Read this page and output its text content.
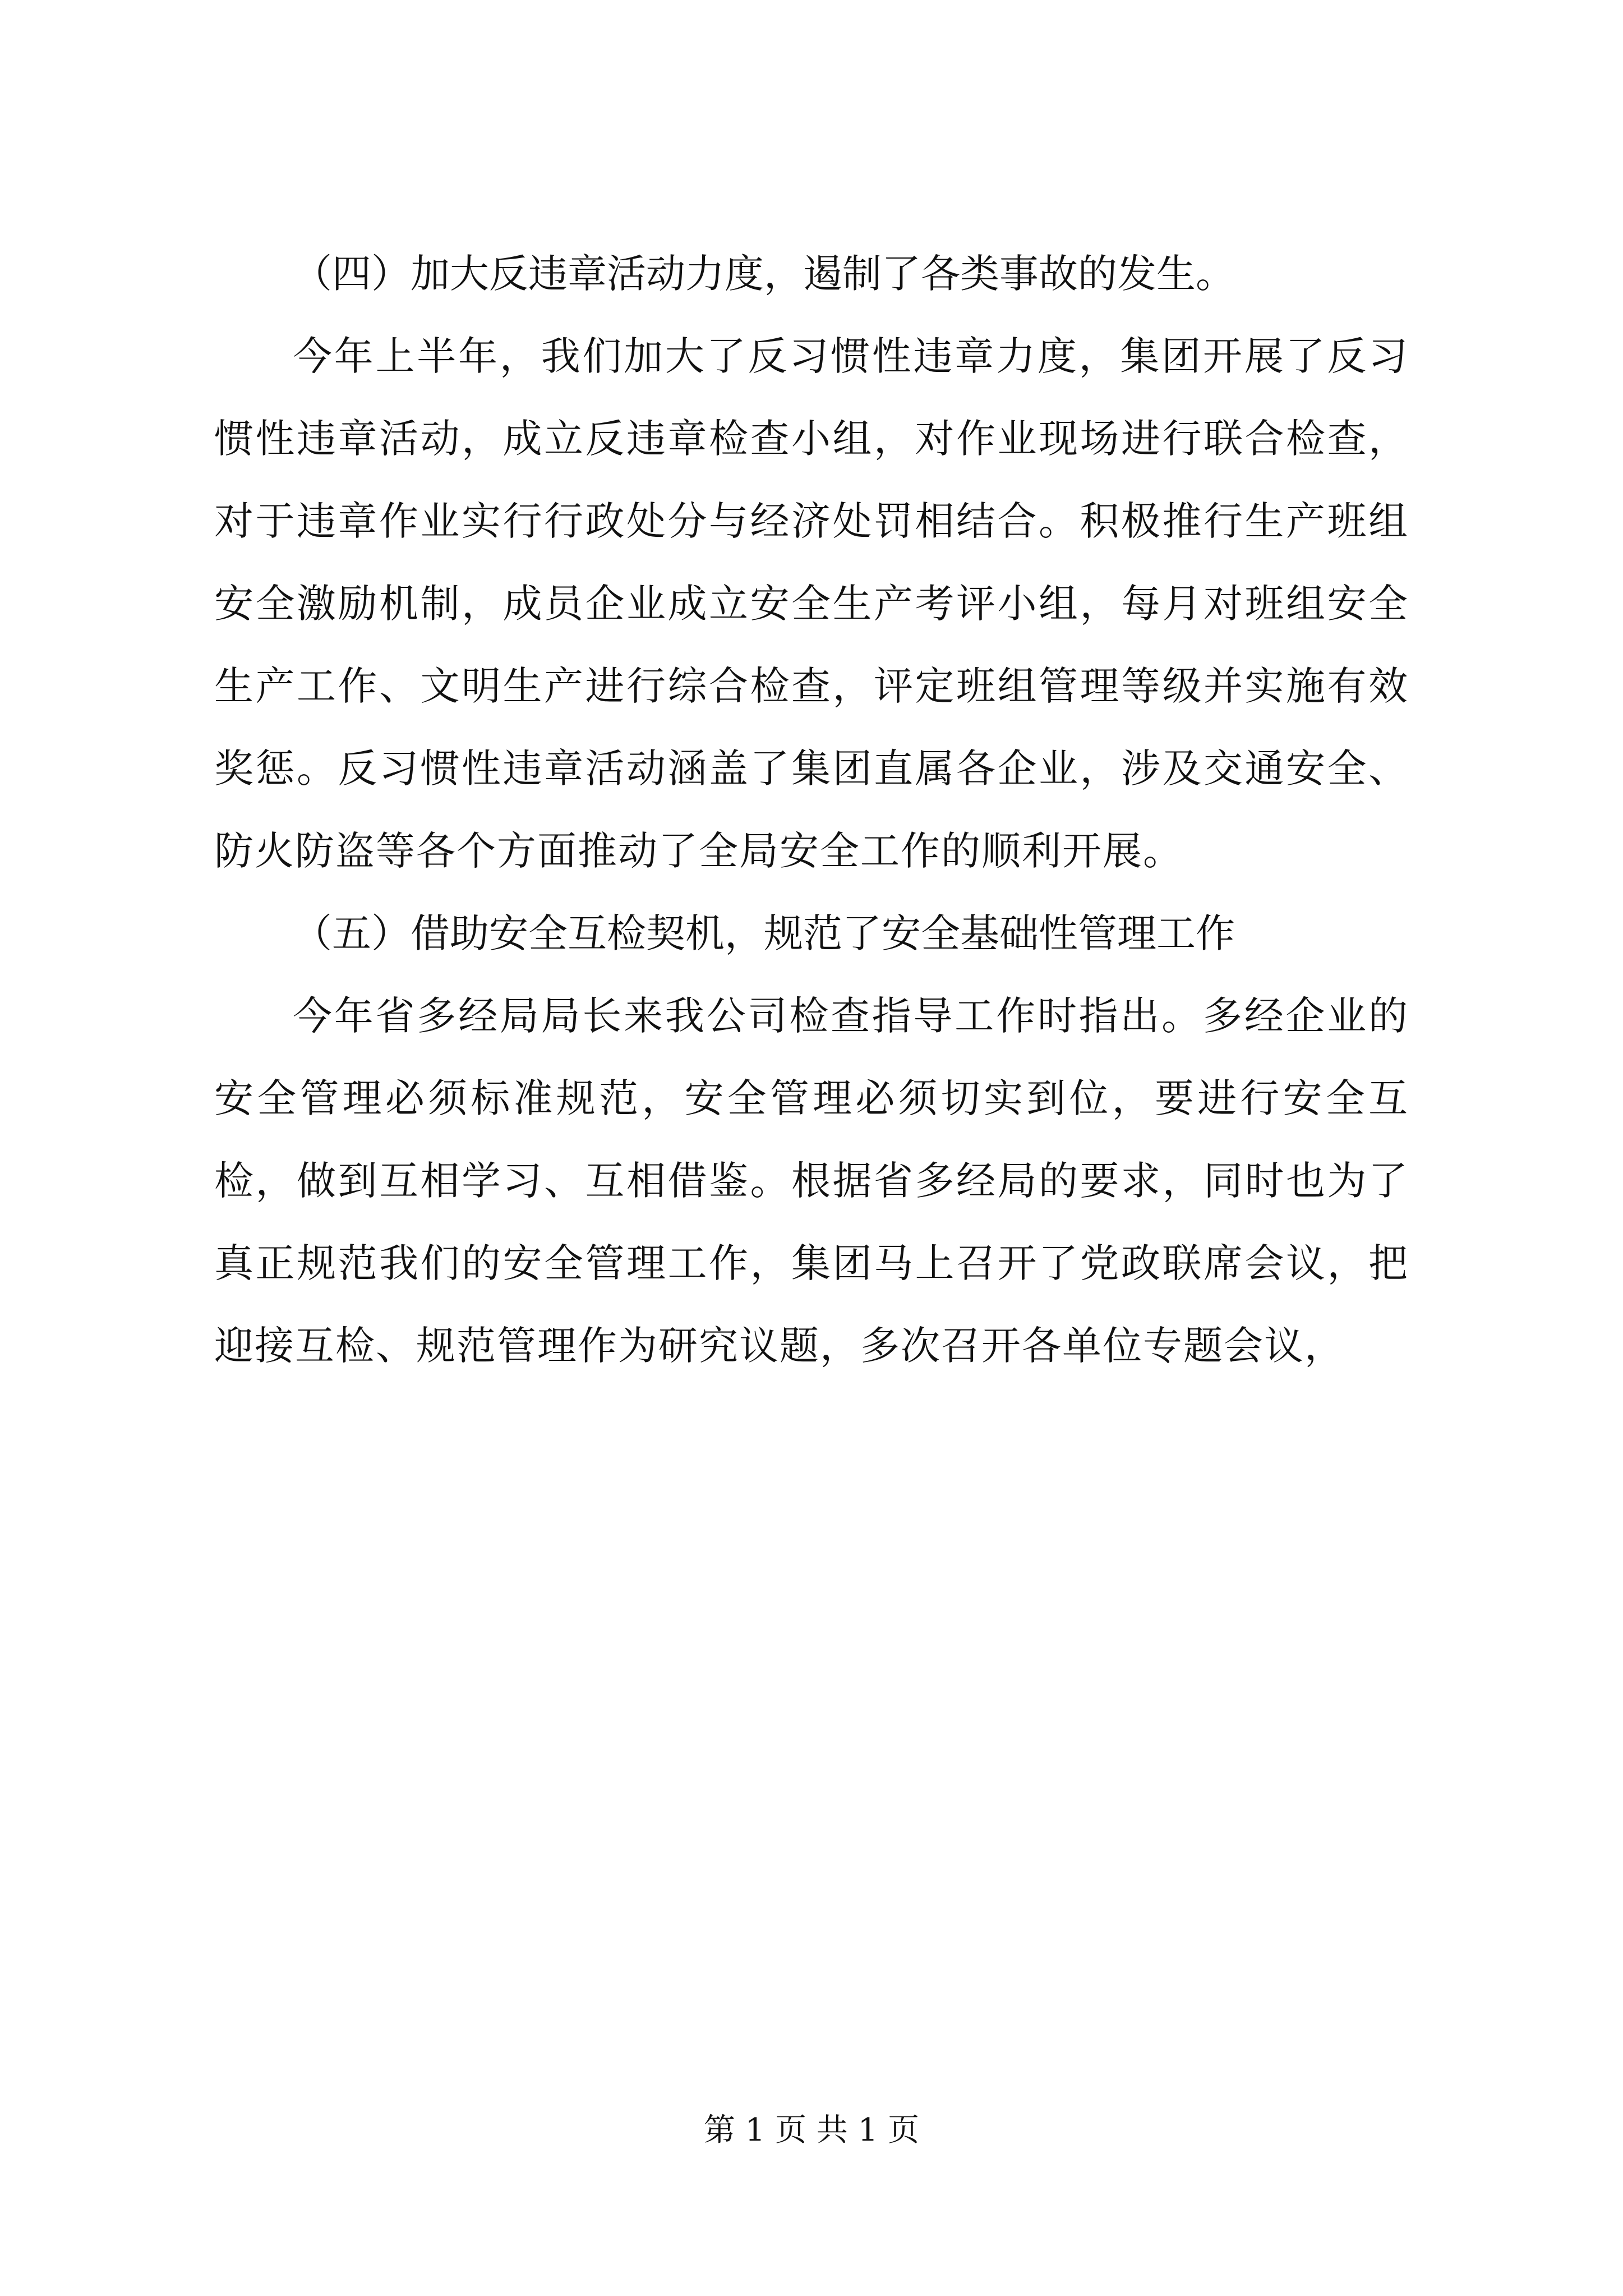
（四）加大反违章活动力度，遏制了各类事故的发生。

今年上半年，我们加大了反习惯性违章力度，集团开展了反习惯性违章活动，成立反违章检查小组，对作业现场进行联合检查，对于违章作业实行行政处分与经济处罚相结合。积极推行生产班组安全激励机制，成员企业成立安全生产考评小组，每月对班组安全生产工作、文明生产进行综合检查，评定班组管理等级并实施有效奖惩。反习惯性违章活动涵盖了集团直属各企业，涉及交通安全、防火防盗等各个方面推动了全局安全工作的顺利开展。

（五）借助安全互检契机，规范了安全基础性管理工作

今年省多经局局长来我公司检查指导工作时指出。多经企业的安全管理必须标准规范，安全管理必须切实到位，要进行安全互检，做到互相学习、互相借鉴。根据省多经局的要求，同时也为了真正规范我们的安全管理工作，集团马上召开了党政联席会议，把迎接互检、规范管理作为研究议题，多次召开各单位专题会议，

第 1 页 共 1 页
